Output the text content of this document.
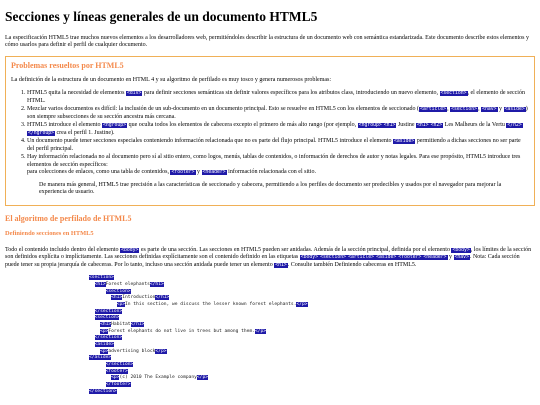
Secciones y líneas generales de un documento HTML5

La especificación HTML5 trae muchos nuevos elementos a los desarrolladores web, permitiéndoles describir la estructura de un documento web con semántica estandarizada. Este documento describe estos elementos y cómo usarlos para definir el perfil de cualquier documento.

Problemas resueltos por HTML5

La definición de la estructura de un documento en HTML 4 y su algoritmo de perfilado es muy tosco y genera numerosos problemas:

1. HTML5 quita la necesidad de elementos <div> para definir secciones semánticas sin definir valores específicos para los atributos class, introduciendo un nuevo elemento, <section>, el elemento de sección HTML.
2. Mezclar varios documentos es difícil: la inclusión de un sub-documento en un documento principal. Esto se resuelve en HTML5 con los elementos de seccionado (<article>, <section>, <nav> y <aside>) son siempre subsecciones de su sección ancestra más cercana.
3. HTML5 introduce el elemento <hgroup> que oculta todos los elementos de cabecera excepto el primero de más alto rango (por ejemplo, <hgroup> <h1> Justine <h1> <h2> Les Malheurs de la Vertu </h2></hgroup> crea el perfil 1. Justine).
4. Un documento puede tener secciones especiales conteniendo información relacionada que no es parte del flujo principal. HTML5 introduce el elemento <aside> permitiendo a dichas secciones no ser parte del perfil principal.
5. Hay información relacionada no al documento pero sí al sitio entero, como logos, menús, tablas de contenidos, o información de derechos de autor y notas legales. Para ese propósito, HTML5 introduce tres elementos de sección específicos:
para colecciones de enlaces, como una tabla de contenidos, <footer> y <header> información relacionada con el sitio.
De manera más general, HTML5 trae precisión a las características de seccionado y cabecera, permitiendo a los perfiles de documento ser predecibles y usados por el navegador para mejorar la experiencia de usuario.
El algoritmo de perfilado de HTML5
Definiendo secciones en HTML5

Todo el contenido incluido dentro del elemento <body> es parte de una sección. Las secciones en HTML5 pueden ser anidadas. Además de la sección principal, definida por el elemento <body>, los límites de la sección son definidos explícita o implícitamente. Las secciones definidas explícitamente son el contenido definido en las etiquetas <body> <section> <article> <aside> <footer> <header> y <nav>. Nota: Cada sección puede tener su propia jerarquía de cabeceras. Por lo tanto, incluso una sección anidada puede tener un elemento <h1>. Consulte también Definiendo cabeceras en HTML5.

<section>
<h1>Forest elephants</h1>
<section>
<h1>Introduction</h1>
<p>In this section, we discuss the lesser known forest elephants.</p>
</section>
<section>
<h1>Habitat</h1>
<p>Forest elephants do not live in trees but among them.</p>
</section>
<aside>
<p>advertising block</p>
</aside>
</section>
<footer>
<p>(c) 2010 The Example company</p>
</footer>
</section>
